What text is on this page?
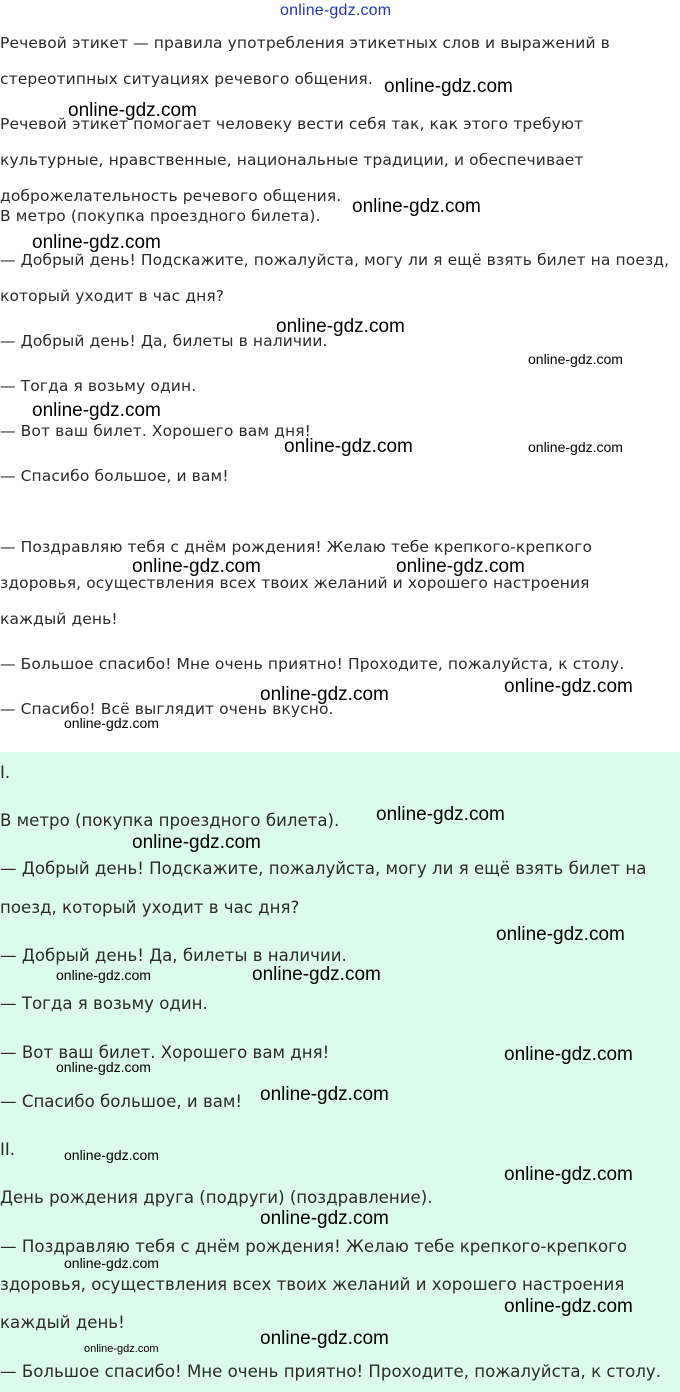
online-gdz.com

Речевой этикет — правила употребления этикетных слов и выражений в

стереотипных ситуациях речевого общения.

Речевой этикет помогает человеку вести себя так, как этого требуют

культурные, нравственные, национальные традиции, и обеспечивает

доброжелательность речевого общения.

В метро (покупка проездного билета).

— Добрый день! Подскажите, пожалуйста, могу ли я ещё взять билет на поезд,

который уходит в час дня?

— Добрый день! Да, билеты в наличии.

— Тогда я возьму один.

— Вот ваш билет. Хорошего вам дня!

— Спасибо большое, и вам!

— Поздравляю тебя с днём рождения! Желаю тебе крепкого-крепкого

здоровья, осуществления всех твоих желаний и хорошего настроения

каждый день!

— Большое спасибо! Мне очень приятно! Проходите, пожалуйста, к столу.

— Спасибо! Всё выглядит очень вкусно.

I.

В метро (покупка проездного билета).

— Добрый день! Подскажите, пожалуйста, могу ли я ещё взять билет на

поезд, который уходит в час дня?

— Добрый день! Да, билеты в наличии.

— Тогда я возьму один.

— Вот ваш билет. Хорошего вам дня!

— Спасибо большое, и вам!

II.

День рождения друга (подруги) (поздравление).

— Поздравляю тебя с днём рождения! Желаю тебе крепкого-крепкого

здоровья, осуществления всех твоих желаний и хорошего настроения

каждый день!

— Большое спасибо! Мне очень приятно! Проходите, пожалуйста, к столу.

online-gdz.com
online-gdz.com
online-gdz.com
online-gdz.com
online-gdz.com
online-gdz.com
online-gdz.com
online-gdz.com	online-gdz.com
online-gdz.com	online-gdz.com
online-gdz.com
online-gdz.com
online-gdz.com
online-gdz.com
online-gdz.com
online-gdz.com
online-gdz.com	online-gdz.com
online-gdz.com
online-gdz.com
online-gdz.com
online-gdz.com
online-gdz.com
online-gdz.com
online-gdz.com
online-gdz.com
online-gdz.com
online-gdz.com
